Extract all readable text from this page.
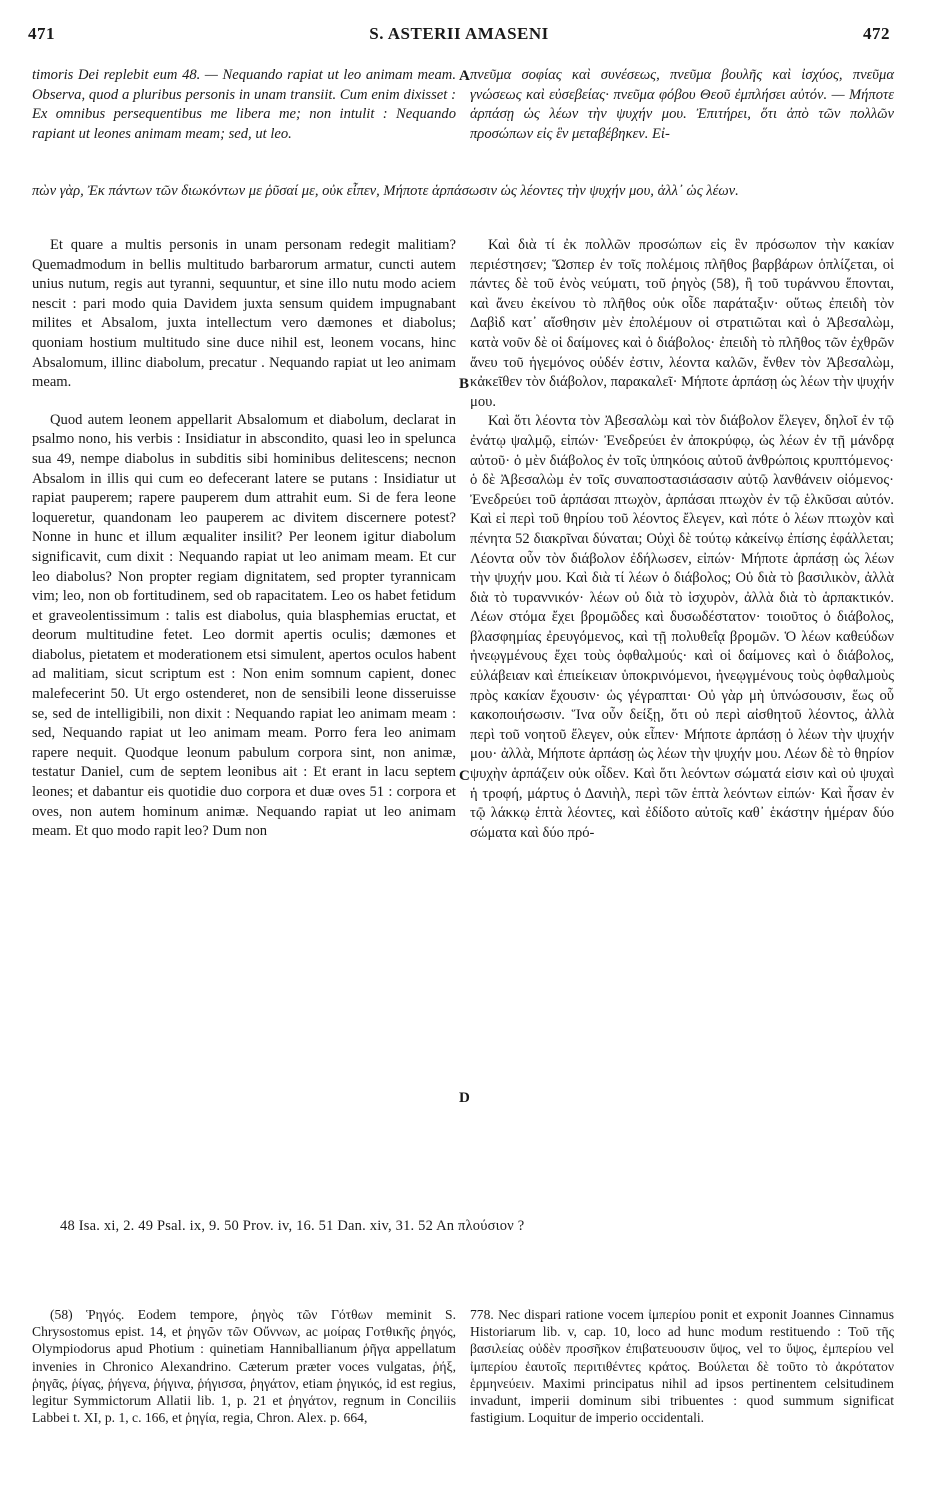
S. ASTERII AMASENI
471	472

timoris Dei replebit eum 48. — Nequando rapiat ut leo animam meam. Observa, quod a pluribus personis in unam transiit. Cum enim dixisset : Ex omnibus persequentibus me libera me; non intulit : Nequando rapiant ut leones animam meam; sed, ut leo.

πνεῦμα σοφίας καὶ συνέσεως, πνεῦμα βουλῆς καὶ ἰσχύος, πνεῦμα γνώσεως καὶ εὐσεβείας· πνεῦμα φόβου Θεοῦ ἐμπλήσει αὐτόν. — Μήποτε ἁρπάσῃ ὡς λέων τὴν ψυχήν μου. Ἐπιτήρει, ὅτι ἀπὸ τῶν πολλῶν προσώπων εἰς ἓν μεταβέβηκεν. Εἰ-

πὼν γὰρ, Ἐκ πάντων τῶν διωκόντων με ῥῦσαί με, οὐκ εἶπεν, Μήποτε ἁρπάσωσιν ὡς λέοντες τὴν ψυχήν μου, ἀλλ᾽ ὡς λέων.
A
B
C
D

Et quare a multis personis in unam personam redegit malitiam? Quemadmodum in bellis multitudo barbarorum armatur, cuncti autem unius nutum, regis aut tyranni, sequuntur, et sine illo nutu modo aciem nescit : pari modo quia Davidem juxta sensum quidem impugnabant milites et Absalom, juxta intellectum vero dæmones et diabolus; quoniam hostium multitudo sine duce nihil est, leonem vocans, hinc Absalomum, illinc diabolum, precatur . Nequando rapiat ut leo animam meam.

Quod autem leonem appellarit Absalomum et diabolum, declarat in psalmo nono, his verbis : Insidiatur in abscondito, quasi leo in spelunca sua 49, nempe diabolus in subditis sibi hominibus delitescens; necnon Absalom in illis qui cum eo defecerant latere se putans : Insidiatur ut rapiat pauperem; rapere pauperem dum attrahit eum. Si de fera leone loqueretur, quandonam leo pauperem ac divitem discernere potest? Nonne in hunc et illum æqualiter insilit? Per leonem igitur diabolum significavit, cum dixit : Nequando rapiat ut leo animam meam. Et cur leo diabolus? Non propter regiam dignitatem, sed propter tyrannicam vim; leo, non ob fortitudinem, sed ob rapacitatem. Leo os habet fetidum et graveolentissimum : talis est diabolus, quia blasphemias eructat, et deorum multitudine fetet. Leo dormit apertis oculis; dæmones et diabolus, pietatem et moderationem etsi simulent, apertos oculos habent ad malitiam, sicut scriptum est : Non enim somnum capient, donec malefecerint 50. Ut ergo ostenderet, non de sensibili leone disseruisse se, sed de intelligibili, non dixit : Nequando rapiat leo animam meam : sed, Nequando rapiat ut leo animam meam. Porro fera leo animam rapere nequit. Quodque leonum pabulum corpora sint, non animæ, testatur Daniel, cum de septem leonibus ait : Et erant in lacu septem leones; et dabantur eis quotidie duo corpora et duæ oves 51 : corpora et oves, non autem hominum animæ. Nequando rapiat ut leo animam meam. Et quo modo rapit leo? Dum non

Καὶ διὰ τί ἐκ πολλῶν προσώπων εἰς ἓν πρόσωπον τὴν κακίαν περιέστησεν; Ὥσπερ ἐν τοῖς πολέμοις πλῆθος βαρβάρων ὁπλίζεται, οἱ πάντες δὲ τοῦ ἑνὸς νεύματι, τοῦ ῥηγὸς (58), ἢ τοῦ τυράννου ἕπονται, καὶ ἄνευ ἐκείνου τὸ πλῆθος οὐκ οἶδε παράταξιν· οὕτως ἐπειδὴ τὸν Δαβὶδ κατ᾽ αἴσθησιν μὲν ἐπολέμουν οἱ στρατιῶται καὶ ὁ Ἀβεσαλὼμ, κατὰ νοῦν δὲ οἱ δαίμονες καὶ ὁ διάβολος· ἐπειδὴ τὸ πλῆθος τῶν ἐχθρῶν ἄνευ τοῦ ἡγεμόνος οὐδέν ἐστιν, λέοντα καλῶν, ἔνθεν τὸν Ἀβεσαλὼμ, κἀκεῖθεν τὸν διάβολον, παρακαλεῖ· Μήποτε ἁρπάσῃ ὡς λέων τὴν ψυχήν μου.

Καὶ ὅτι λέοντα τὸν Ἀβεσαλὼμ καὶ τὸν διάβολον ἔλεγεν, δηλοῖ ἐν τῷ ἐνάτῳ ψαλμῷ, εἰπών· Ἐνεδρεύει ἐν ἀποκρύφῳ, ὡς λέων ἐν τῇ μάνδρᾳ αὐτοῦ· ὁ μὲν διάβολος ἐν τοῖς ὑπηκόοις αὐτοῦ ἀνθρώποις κρυπτόμενος· ὁ δὲ Ἀβεσαλὼμ ἐν τοῖς συναποστασιάσασιν αὐτῷ λανθάνειν οἰόμενος· Ἐνεδρεύει τοῦ ἁρπάσαι πτωχὸν, ἁρπάσαι πτωχὸν ἐν τῷ ἑλκῦσαι αὐτόν. Καὶ εἰ περὶ τοῦ θηρίου τοῦ λέοντος ἔλεγεν, καὶ πότε ὁ λέων πτωχὸν καὶ πένητα 52 διακρῖναι δύναται; Οὐχὶ δὲ τούτῳ κἀκείνῳ ἐπίσης ἐφάλλεται; Λέοντα οὖν τὸν διάβολον ἐδήλωσεν, εἰπών· Μήποτε ἁρπάσῃ ὡς λέων τὴν ψυχήν μου. Καὶ διὰ τί λέων ὁ διάβολος; Οὐ διὰ τὸ βασιλικὸν, ἀλλὰ διὰ τὸ τυραννικόν· λέων οὐ διὰ τὸ ἰσχυρὸν, ἀλλὰ διὰ τὸ ἁρπακτικόν. Λέων στόμα ἔχει βρομῶδες καὶ δυσωδέστατον· τοιοῦτος ὁ διάβολος, βλασφημίας ἐρευγόμενος, καὶ τῇ πολυθεΐᾳ βρομῶν. Ὁ λέων καθεύδων ἠνεῳγμένους ἔχει τοὺς ὀφθαλμούς· καὶ οἱ δαίμονες καὶ ὁ διάβολος, εὐλάβειαν καὶ ἐπιείκειαν ὑποκρινόμενοι, ἠνεῳγμένους τοὺς ὀφθαλμοὺς πρὸς κακίαν ἔχουσιν· ὡς γέγραπται· Οὐ γὰρ μὴ ὑπνώσουσιν, ἕως οὗ κακοποιήσωσιν. Ἵνα οὖν δείξῃ, ὅτι οὐ περὶ αἰσθητοῦ λέοντος, ἀλλὰ περὶ τοῦ νοητοῦ ἔλεγεν, οὐκ εἶπεν· Μήποτε ἁρπάσῃ ὁ λέων τὴν ψυχήν μου· ἀλλὰ, Μήποτε ἁρπάσῃ ὡς λέων τὴν ψυχήν μου. Λέων δὲ τὸ θηρίον ψυχὴν ἁρπάζειν οὐκ οἶδεν. Καὶ ὅτι λεόντων σώματά εἰσιν καὶ οὐ ψυχαὶ ἡ τροφή, μάρτυς ὁ Δανιὴλ, περὶ τῶν ἑπτὰ λεόντων εἰπών· Καὶ ἦσαν ἐν τῷ λάκκῳ ἑπτὰ λέοντες, καὶ ἐδίδοτο αὐτοῖς καθ᾽ ἑκάστην ἡμέραν δύο σώματα καὶ δύο πρό-

48 Isa. xi, 2. 49 Psal. ix, 9. 50 Prov. iv, 16. 51 Dan. xiv, 31. 52 An πλούσιον ?

(58) Ῥηγός. Eodem tempore, ῥηγὸς τῶν Γότθων meminit S. Chrysostomus epist. 14, et ῥηγῶν τῶν Οὔννων, ac μοίρας Γοτθικῆς ῥηγός, Olympiodorus apud Photium : quinetiam Hanniballianum ῥῆγα appellatum invenies in Chronico Alexandrino. Cæterum præter voces vulgatas, ῥήξ, ῥηγᾶς, ῥίγας, ῥήγενα, ῥήγινα, ῥήγισσα, ῥηγάτον, etiam ῥηγικός, id est regius, legitur Symmictorum Allatii lib. 1, p. 21 et ῥηγάτον, regnum in Conciliis Labbei t. XI, p. 1, c. 166, et ῥηγία, regia, Chron. Alex. p. 664,

778. Nec dispari ratione vocem ἰμπερίου ponit et exponit Joannes Cinnamus Historiarum lib. v, cap. 10, loco ad hunc modum restituendo : Τοῦ τῆς βασιλείας οὐδὲν προσῆκον ἐπιβατευουσιν ὕψος, vel το ὕψος, ἐμπερίου vel ἰμπερίου ἑαυτοῖς περιτιθέντες κράτος. Βούλεται δὲ τοῦτο τὸ ἀκρότατον ἑρμηνεύειν. Maximi principatus nihil ad ipsos pertinentem celsitudinem invadunt, imperii dominum sibi tribuentes : quod summum significat fastigium. Loquitur de imperio occidentali.
